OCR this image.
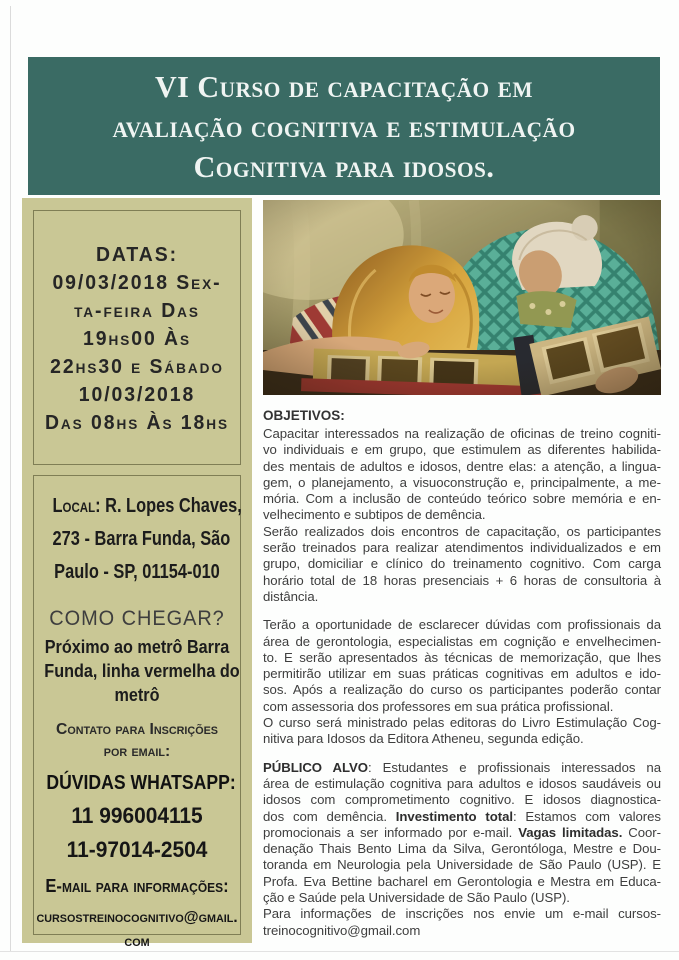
VI Curso de capacitação em
avaliação cognitiva e estimulação
Cognitiva para idosos.
DATAS:
09/03/2018 Sex-
ta-feira Das
19hs00 Às
22hs30 e Sábado
10/03/2018
Das 08hs Às 18hs
Local: R. Lopes Chaves,
273 - Barra Funda, São
Paulo - SP, 01154-010
COMO CHEGAR?
Próximo ao metrô Barra
Funda, linha vermelha do
metrô
Contato para Inscrições
por email:
DÚVIDAS WHATSAPP:
11 996004115
11-97014-2504
E-mail para informações:
cursostreinocognitivo@gmail.
com
OBJETIVOS:
Capacitar interessados na realização de oficinas de treino cogniti-
vo individuais e em grupo, que estimulem as diferentes habilida-
des mentais de adultos e idosos, dentre elas: a atenção, a lingua-
gem, o planejamento, a visuoconstrução e, principalmente, a me-
mória. Com a inclusão de conteúdo teórico sobre memória e en-
velhecimento e subtipos de demência.
Serão realizados dois encontros de capacitação, os participantes
serão treinados para realizar atendimentos individualizados e em
grupo, domiciliar e clínico do treinamento cognitivo. Com carga
horário total de 18 horas presenciais + 6 horas de consultoria à
distância.
Terão a oportunidade de esclarecer dúvidas com profissionais da
área de gerontologia, especialistas em cognição e envelhecimen-
to. E serão apresentados às técnicas de memorização, que lhes
permitirão utilizar em suas práticas cognitivas em adultos e ido-
sos. Após a realização do curso os participantes poderão contar
com assessoria dos professores em sua prática profissional.
O curso será ministrado pelas editoras do Livro Estimulação Cog-
nitiva para Idosos da Editora Atheneu, segunda edição.
PÚBLICO ALVO: Estudantes e profissionais interessados na
área de estimulação cognitiva para adultos e idosos saudáveis ou
idosos com comprometimento cognitivo. E idosos diagnostica-
dos com demência. Investimento total: Estamos com valores
promocionais a ser informado por e-mail. Vagas limitadas. Coor-
denação Thais Bento Lima da Silva, Gerontóloga, Mestre e Dou-
toranda em Neurologia pela Universidade de São Paulo (USP). E
Profa. Eva Bettine bacharel em Gerontologia e Mestra em Educa-
ção e Saúde pela Universidade de São Paulo (USP).
Para informações de inscrições nos envie um e-mail cursos-
treinocognitivo@gmail.com
